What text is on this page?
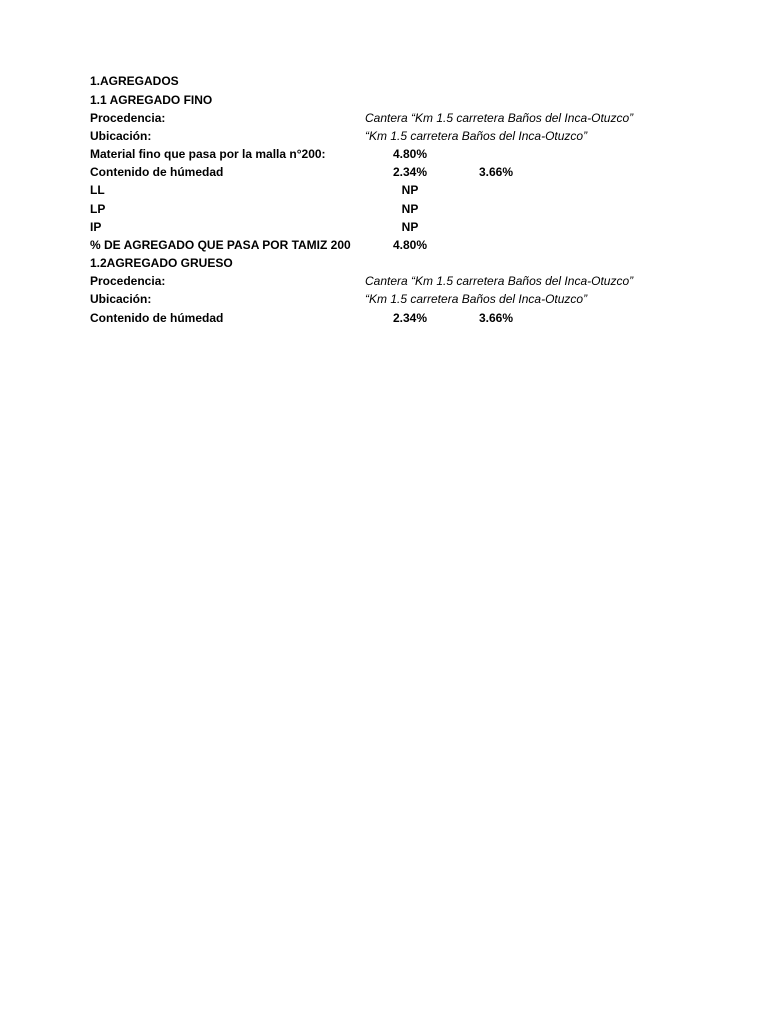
1.AGREGADOS
1.1 AGREGADO FINO
Procedencia:	Cantera “Km 1.5 carretera Baños del Inca-Otuzco”
Ubicación:	“Km 1.5 carretera Baños del Inca-Otuzco”
Material fino que pasa por la malla n°200:	4.80%
Contenido de húmedad	2.34%	3.66%
LL	NP
LP	NP
IP	NP
% DE AGREGADO QUE PASA POR TAMIZ 200	4.80%
1.2AGREGADO GRUESO
Procedencia:	Cantera “Km 1.5 carretera Baños del Inca-Otuzco”
Ubicación:	“Km 1.5 carretera Baños del Inca-Otuzco”
Contenido de húmedad	2.34%	3.66%
